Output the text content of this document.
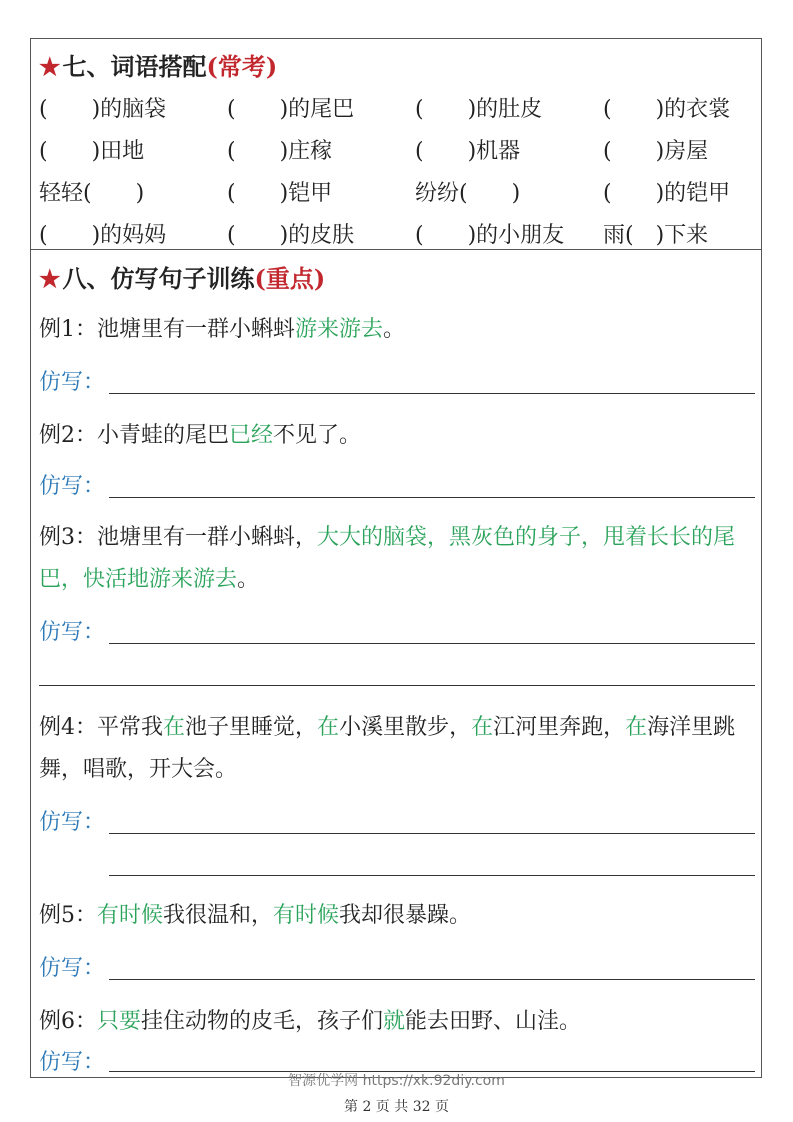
★七、词语搭配(常考)
(　　)的脑袋	(　　)的尾巴	(　　)的肚皮	(　　)的衣裳
(　　)田地	(　　)庄稼	(　　)机器	(　　)房屋
轻轻(　　)	(　　)铠甲	纷纷(　　)	(　　)的铠甲
(　　)的妈妈	(　　)的皮肤	(　　)的小朋友	雨(　)下来
★八、仿写句子训练(重点)
例1：池塘里有一群小蝌蚪游来游去。
仿写：
例2：小青蛙的尾巴已经不见了。
仿写：
例3：池塘里有一群小蝌蚪，大大的脑袋，黑灰色的身子，甩着长长的尾巴，快活地游来游去。
仿写：
例4：平常我在池子里睡觉，在小溪里散步，在江河里奔跑，在海洋里跳舞，唱歌，开大会。
仿写：
例5：有时候我很温和，有时候我却很暴躁。
仿写：
例6：只要挂住动物的皮毛，孩子们就能去田野、山洼。
仿写：
智源优学网 https://xk.92diy.com
第 2 页 共 32 页
